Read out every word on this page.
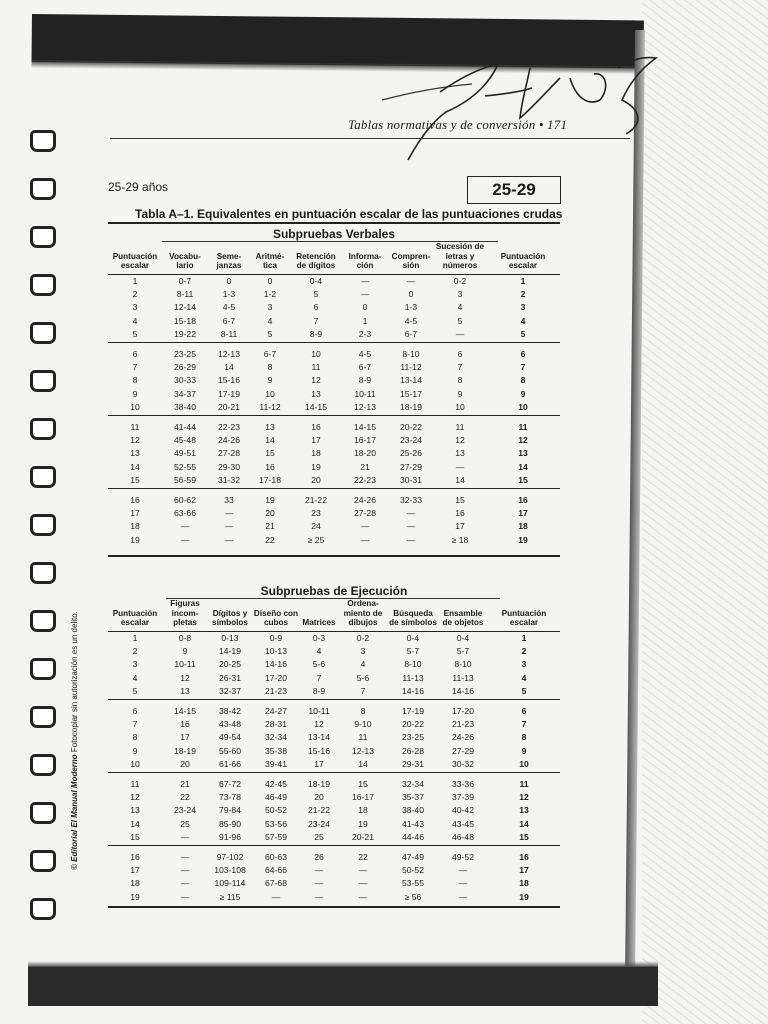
Tablas normativas y de conversión • 171
25-29 años	25-29
Tabla A–1. Equivalentes en puntuación escalar de las puntuaciones crudas
Subpruebas Verbales
Puntuación escalar	Vocabu-lario	Seme-janzas	Aritmé-tica	Retención de dígitos	Informa-ción	Compren-sión	Sucesión de letras y números	Puntuación escalar
1	0-7	0	0	0-4	—	—	0-2	1
2	8-11	1-3	1-2	5	—	0	3	2
3	12-14	4-5	3	6	0	1-3	4	3
4	15-18	6-7	4	7	1	4-5	5	4
5	19-22	8-11	5	8-9	2-3	6-7	—	5

6	23-25	12-13	6-7	10	4-5	8-10	6	6
7	26-29	14	8	11	6-7	11-12	7	7
8	30-33	15-16	9	12	8-9	13-14	8	8
9	34-37	17-19	10	13	10-11	15-17	9	9
10	38-40	20-21	11-12	14-15	12-13	18-19	10	10

11	41-44	22-23	13	16	14-15	20-22	11	11
12	45-48	24-26	14	17	16-17	23-24	12	12
13	49-51	27-28	15	18	18-20	25-26	13	13
14	52-55	29-30	16	19	21	27-29	—	14
15	56-59	31-32	17-18	20	22-23	30-31	14	15

16	60-62	33	19	21-22	24-26	32-33	15	16
17	63-66	—	20	23	27-28	—	16	17
18	—	—	21	24	—	—	17	18
19	—	—	22	≥ 25	—	—	≥ 18	19
Subpruebas de Ejecución
Puntuación escalar	Figuras incom-pletas	Dígitos y símbolos	Diseño con cubos	Matrices	Ordena-miento de dibujos	Búsqueda de símbolos	Ensamble de objetos	Puntuación escalar
1	0-8	0-13	0-9	0-3	0-2	0-4	0-4	1
2	9	14-19	10-13	4	3	5-7	5-7	2
3	10-11	20-25	14-16	5-6	4	8-10	8-10	3
4	12	26-31	17-20	7	5-6	11-13	11-13	4
5	13	32-37	21-23	8-9	7	14-16	14-16	5

6	14-15	38-42	24-27	10-11	8	17-19	17-20	6
7	16	43-48	28-31	12	9-10	20-22	21-23	7
8	17	49-54	32-34	13-14	11	23-25	24-26	8
9	18-19	55-60	35-38	15-16	12-13	26-28	27-29	9
10	20	61-66	39-41	17	14	29-31	30-32	10

11	21	67-72	42-45	18-19	15	32-34	33-36	11
12	22	73-78	46-49	20	16-17	35-37	37-39	12
13	23-24	79-84	50-52	21-22	18	38-40	40-42	13
14	25	85-90	53-56	23-24	19	41-43	43-45	14
15	—	91-96	57-59	25	20-21	44-46	46-48	15

16	—	97-102	60-63	26	22	47-49	49-52	16
17	—	103-108	64-66	—	—	50-52	—	17
18	—	109-114	67-68	—	—	53-55	—	18
19	—	≥ 115	—	—	—	≥ 56	—	19
© Editorial El Manual Moderno Fotocopiar sin autorización es un delito.
